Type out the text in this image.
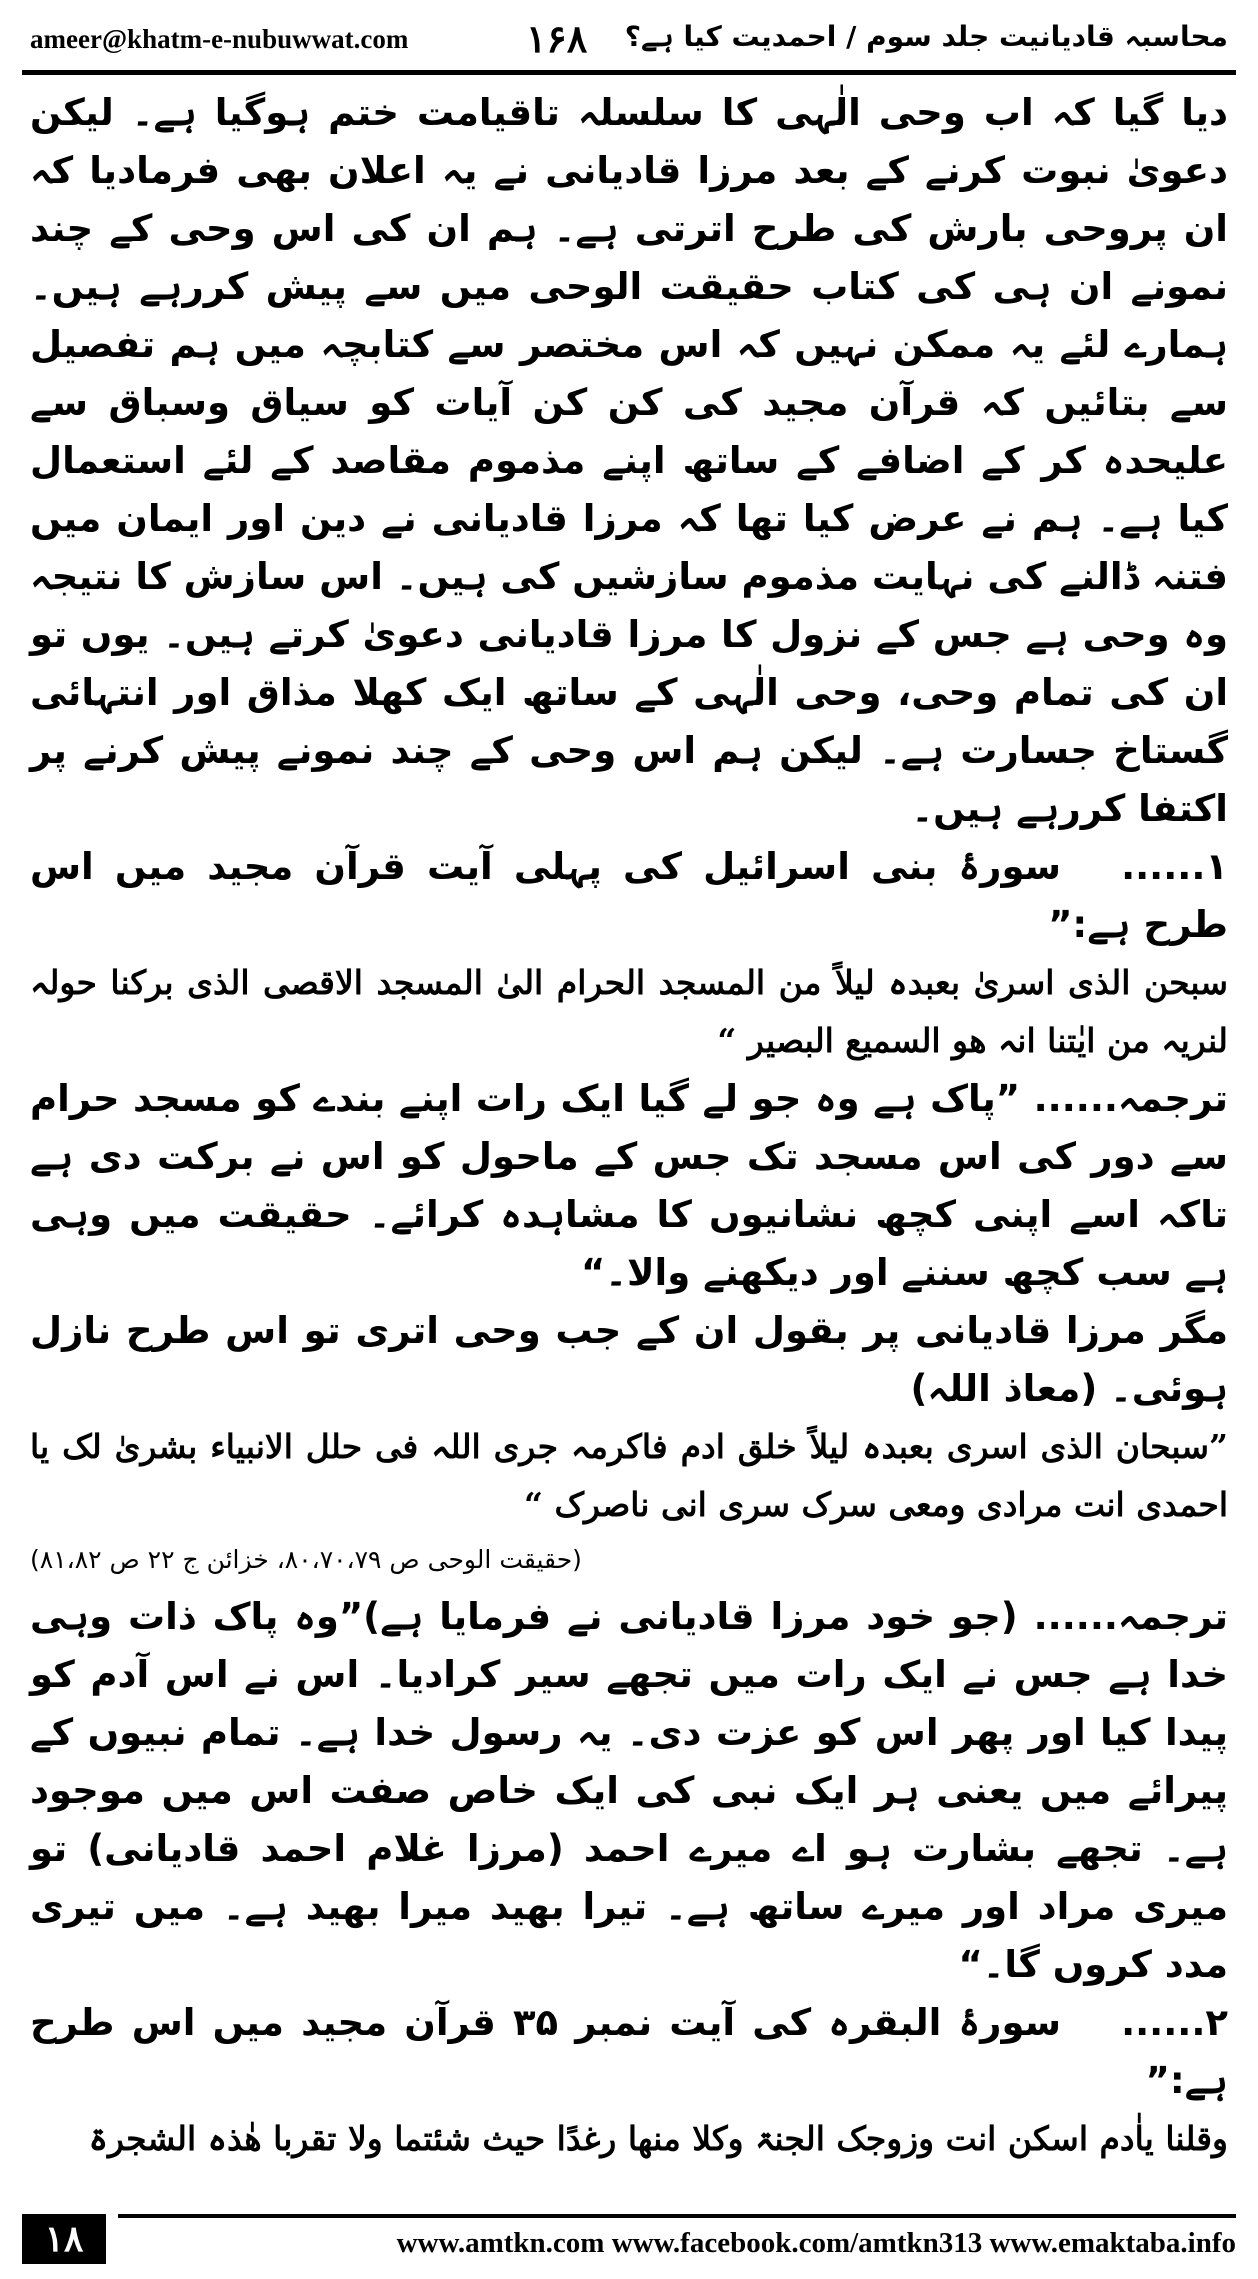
ameer@khatm-e-nubuwwat.com	۱۶۸ محاسبہ قادیانیت جلد سوم / احمدیت کیا ہے؟

دیا گیا کہ اب وحی الٰہی کا سلسلہ تاقیامت ختم ہوگیا ہے۔ لیکن دعویٰ نبوت کرنے کے بعد مرزا قادیانی نے یہ اعلان بھی فرمادیا کہ ان پروحی بارش کی طرح اترتی ہے۔ ہم ان کی اس وحی کے چند نمونے ان ہی کی کتاب حقیقت الوحی میں سے پیش کررہے ہیں۔ ہمارے لئے یہ ممکن نہیں کہ اس مختصر سے کتابچہ میں ہم تفصیل سے بتائیں کہ قرآن مجید کی کن کن آیات کو سیاق وسباق سے علیحدہ کر کے اضافے کے ساتھ اپنے مذموم مقاصد کے لئے استعمال کیا ہے۔ ہم نے عرض کیا تھا کہ مرزا قادیانی نے دین اور ایمان میں فتنہ ڈالنے کی نہایت مذموم سازشیں کی ہیں۔ اس سازش کا نتیجہ وہ وحی ہے جس کے نزول کا مرزا قادیانی دعویٰ کرتے ہیں۔ یوں تو ان کی تمام وحی، وحی الٰہی کے ساتھ ایک کھلا مذاق اور انتہائی گستاخ جسارت ہے۔ لیکن ہم اس وحی کے چند نمونے پیش کرنے پر اکتفا کررہے ہیں۔

۱......سورۂ بنی اسرائیل کی پہلی آیت قرآن مجید میں اس طرح ہے:”

سبحن الذی اسریٰ بعبدہ لیلاً من المسجد الحرام الیٰ المسجد الاقصی الذی برکنا حولہ لنریہ من ایٰتنا انہ ھو السمیع البصیر “

ترجمہ...... ”پاک ہے وہ جو لے گیا ایک رات اپنے بندے کو مسجد حرام سے دور کی اس مسجد تک جس کے ماحول کو اس نے برکت دی ہے تاکہ اسے اپنی کچھ نشانیوں کا مشاہدہ کرائے۔ حقیقت میں وہی ہے سب کچھ سننے اور دیکھنے والا۔“

مگر مرزا قادیانی پر بقول ان کے جب وحی اتری تو اس طرح نازل ہوئی۔ (معاذ اللہ)

”سبحان الذی اسری بعبدہ لیلاً خلق ادم فاکرمہ جری اللہ فی حلل الانبیاء بشریٰ لک یا احمدی انت مرادی ومعی سرک سری انی ناصرک “

(حقیقت الوحی ص ۸۰،۷۰،۷۹، خزائن ج ۲۲ ص ۸۱،۸۲)

ترجمہ...... (جو خود مرزا قادیانی نے فرمایا ہے)”وہ پاک ذات وہی خدا ہے جس نے ایک رات میں تجھے سیر کرادیا۔ اس نے اس آدم کو پیدا کیا اور پھر اس کو عزت دی۔ یہ رسول خدا ہے۔ تمام نبیوں کے پیرائے میں یعنی ہر ایک نبی کی ایک خاص صفت اس میں موجود ہے۔ تجھے بشارت ہو اے میرے احمد (مرزا غلام احمد قادیانی) تو میری مراد اور میرے ساتھ ہے۔ تیرا بھید میرا بھید ہے۔ میں تیری مدد کروں گا۔“

۲......سورۂ البقرہ کی آیت نمبر ۳۵ قرآن مجید میں اس طرح ہے:”

وقلنا یاٰدم اسکن انت وزوجک الجنۃ وکلا منھا رغدًا حیث شئتما ولا تقربا ھٰذہ الشجرۃ

۱۸	www.amtkn.com www.facebook.com/amtkn313 www.emaktaba.info
